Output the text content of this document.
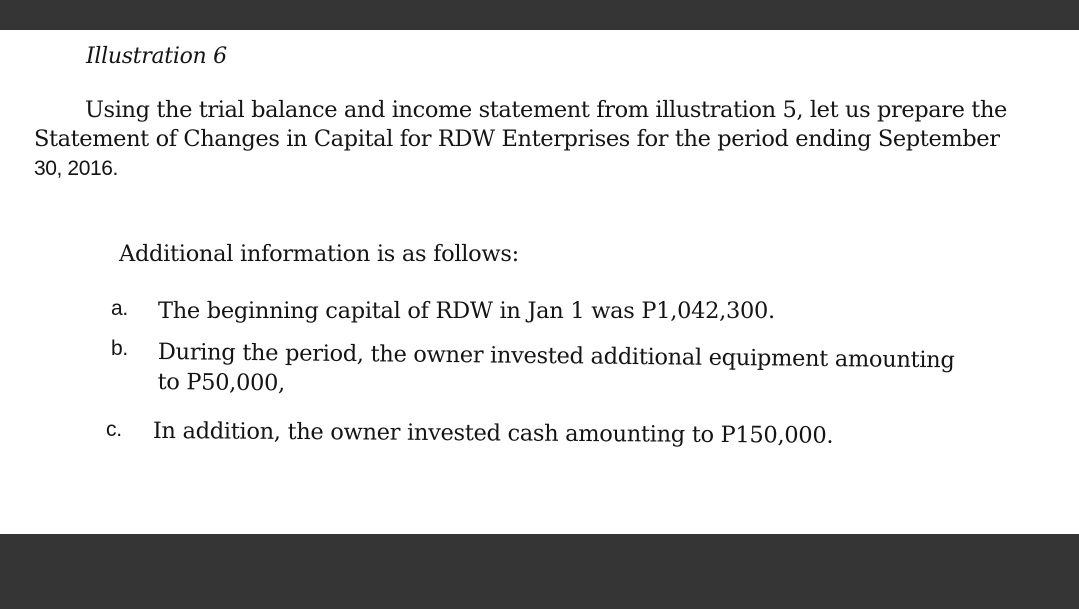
Illustration 6

Using the trial balance and income statement from illustration 5, let us prepare the
Statement of Changes in Capital for RDW Enterprises for the period ending September
30, 2016.

Additional information is as follows:

a. The beginning capital of RDW in Jan 1 was P1,042,300.
b. During the period, the owner invested additional equipment amounting
to P50,000,
c. In addition, the owner invested cash amounting to P150,000.
